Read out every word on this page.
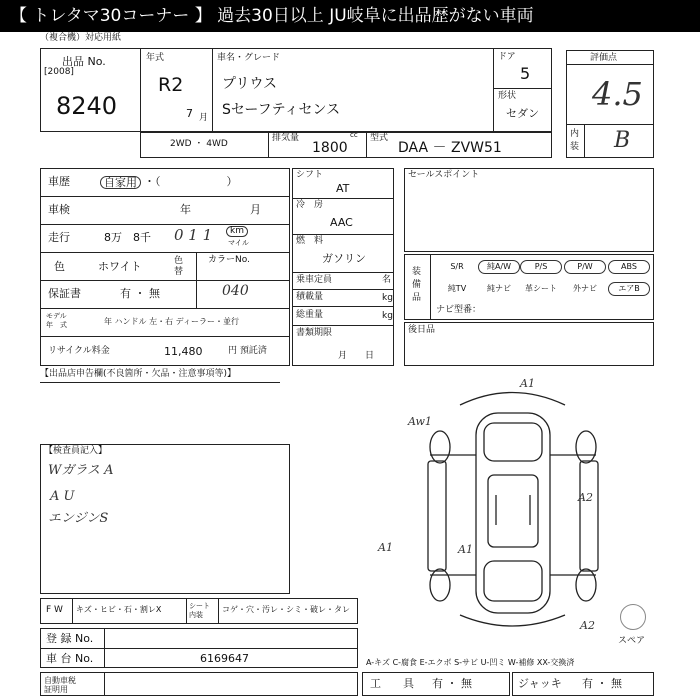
【 トレタマ30コーナー 】 過去30日以上 JU岐阜に出品歴がない車両
（複合機）対応用紙
出品 No.
[2008]
8240
年式
R2
7 月
車名・グレード
プリウス
Sセーフティセンス
ドア
5
形状
セダン
2WD ・ 4WD
排気量	cc
1800
型式
DAA － ZVW51
評価点
4.5
内
装 B
車歴	自家用 ・（　　　　　　）
車検	年	月
走行	8万　8千 0 1 1	km
マイル
色	ホワイト	色
替
カラーNo.
040
保証書	有 ・ 無
モデル
年　式	年 ハンドル 左・右 ディーラー・並行
リサイクル料金	11,480	円 預託済
シフト
AT
冷　房
AAC
燃　料
ガソリン
乗車定員	名
積載量	kg
総重量	kg
書類期限
月　　日
セールスポイント
装
備
品
ナビ型番：
後日品
【出品店申告欄(不良箇所・欠品・注意事項等)】
【検査員記入】
Wガラス A
A U
エンジンS
A1
Aw1
A2
A1
A1
A2
スペア
F W キズ・ヒビ・石・割レX	シート
内装
コゲ・穴・汚レ・シミ・破レ・タレ
登 録 No.
車 台 No.	6169647	A-キズ C-腐食 E-エクボ S-サビ U-凹ミ W-補修 XX-交換済
自動車税
証明用	工　　具 有 ・ 無	ジャッキ 有 ・ 無
S/R	純A/W	P/S	P/W	ABS
純TV	純ナビ	革シート	外ナビ	エアB
